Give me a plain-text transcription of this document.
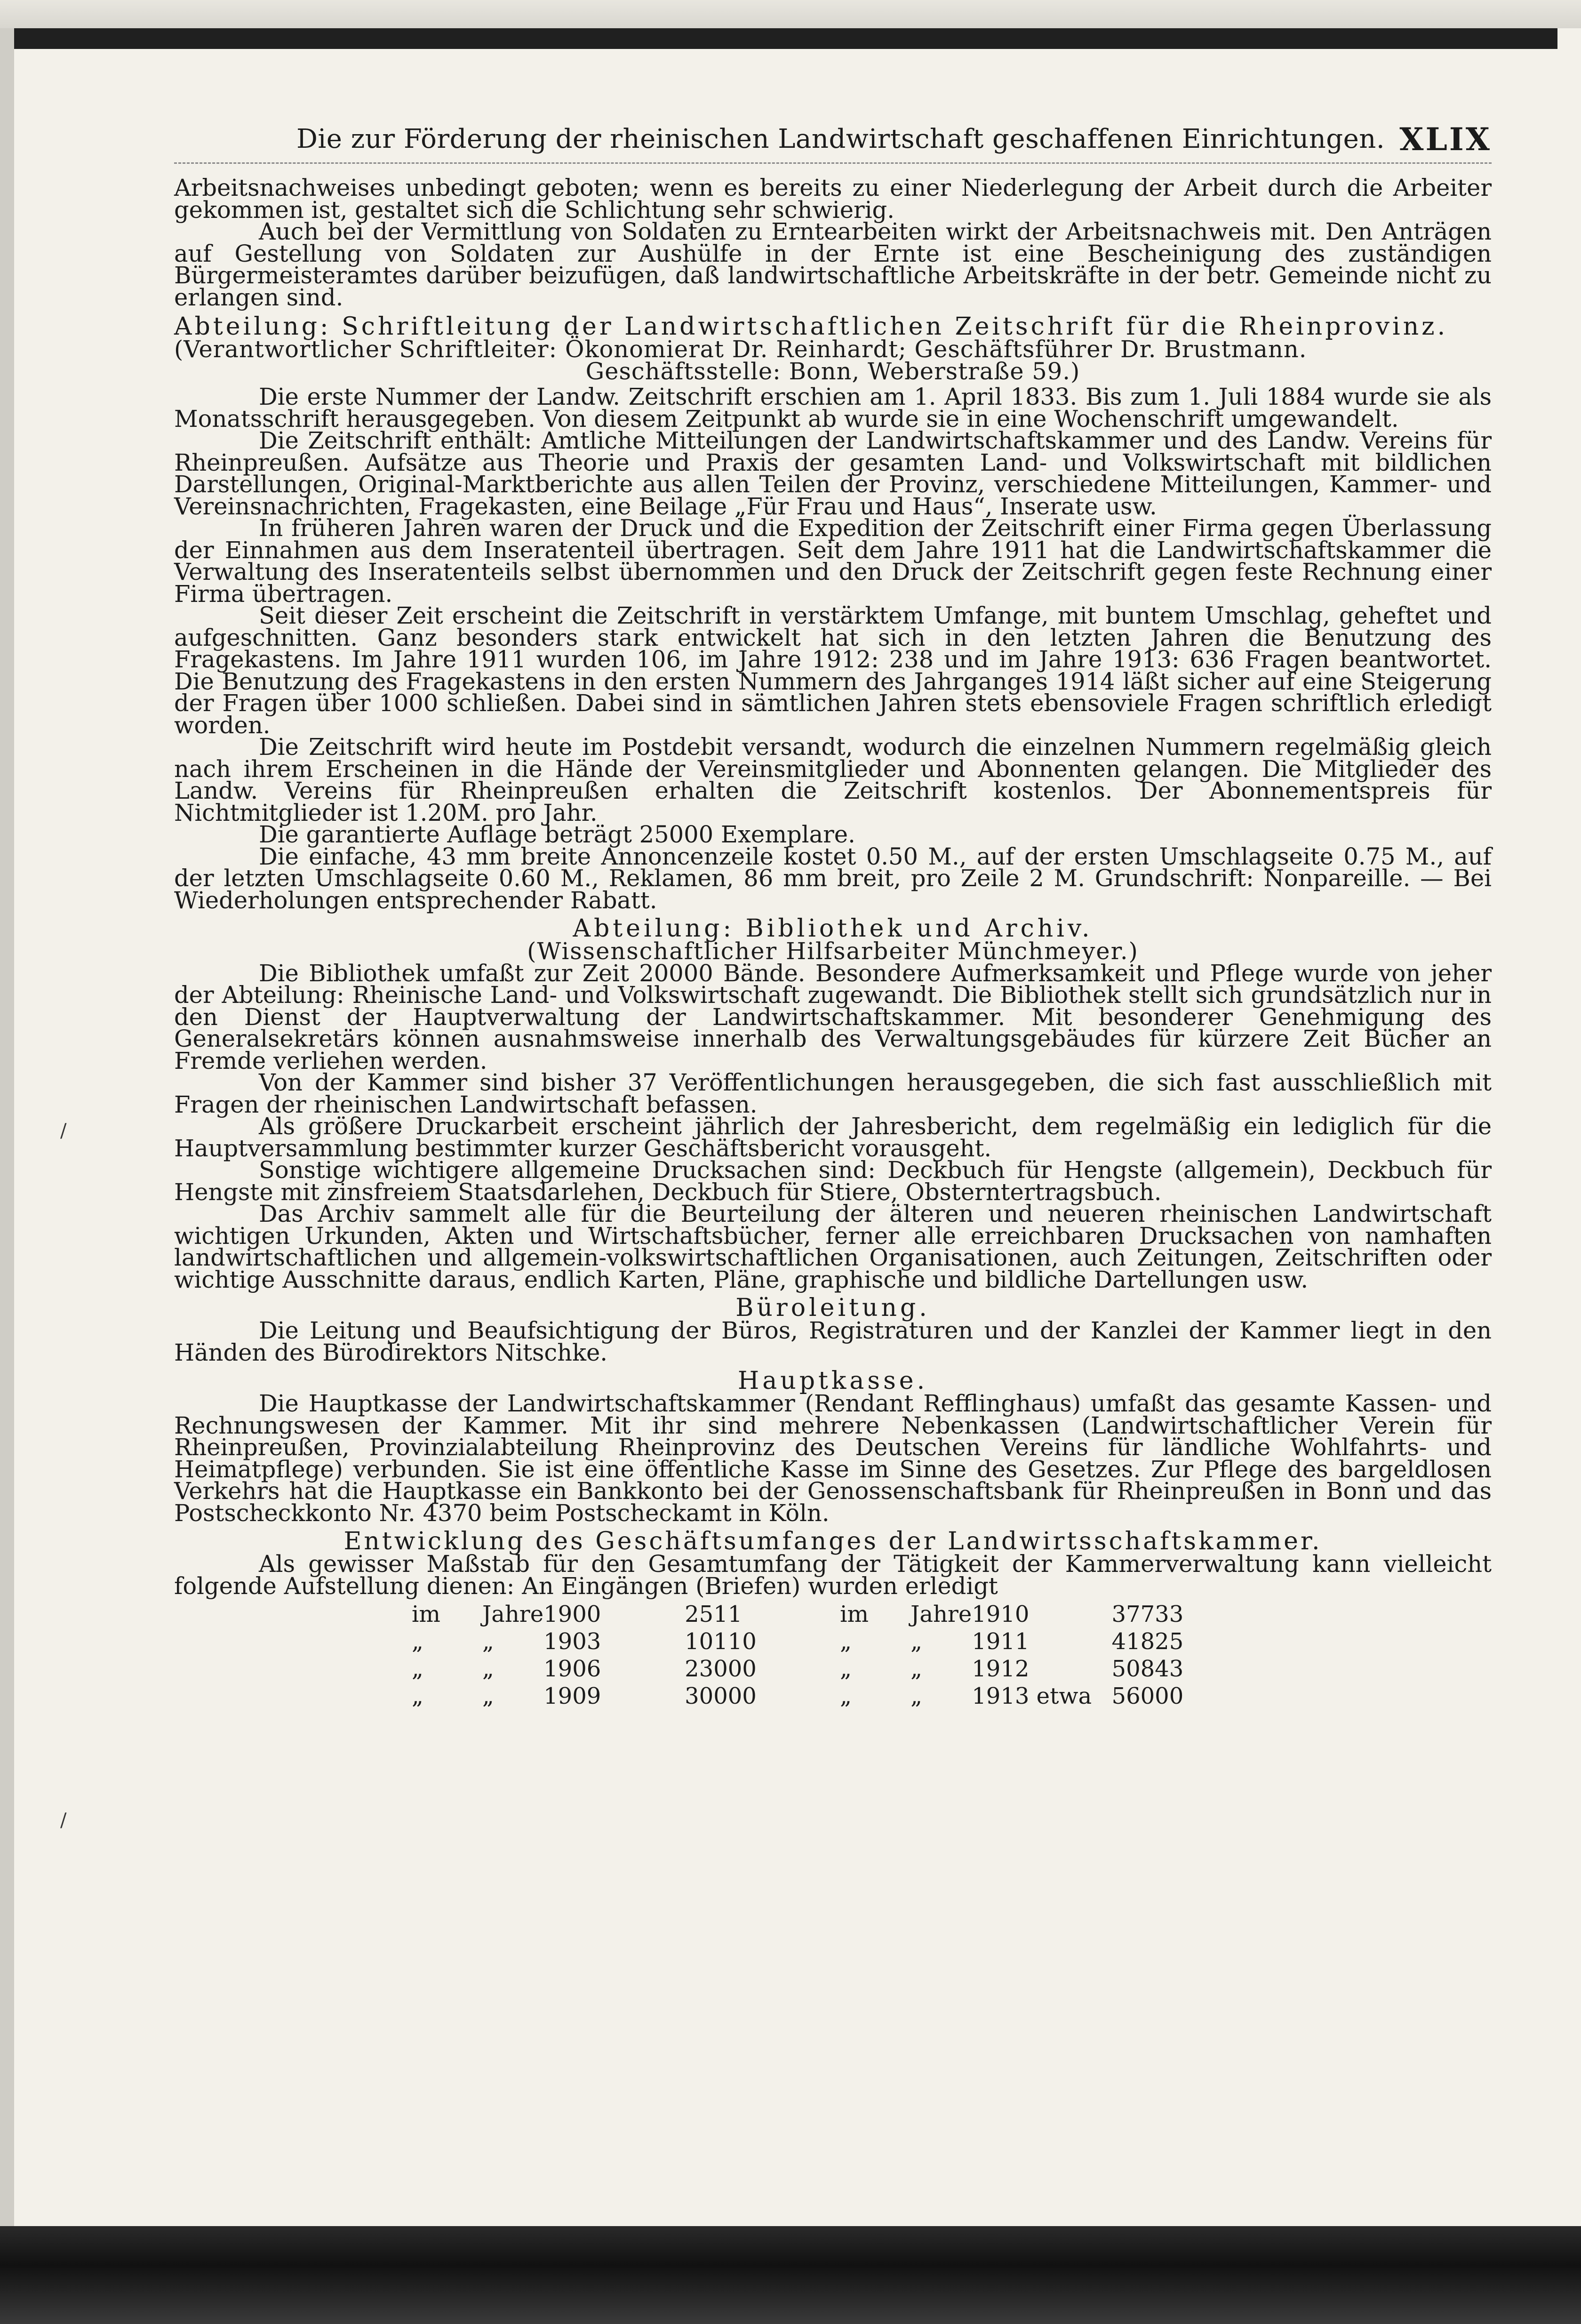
/
/
Die zur Förderung der rheinischen Landwirtschaft geschaffenen Einrichtungen. XLIX

Arbeitsnachweises unbedingt geboten; wenn es bereits zu einer Niederlegung der Arbeit durch die Arbeiter gekommen ist, gestaltet sich die Schlichtung sehr schwierig.

Auch bei der Vermittlung von Soldaten zu Erntearbeiten wirkt der Arbeitsnachweis mit. Den Anträgen auf Gestellung von Soldaten zur Aushülfe in der Ernte ist eine Bescheinigung des zuständigen Bürgermeisteramtes darüber beizufügen, daß landwirtschaftliche Arbeitskräfte in der betr. Gemeinde nicht zu erlangen sind.

Abteilung: Schriftleitung der Landwirtschaftlichen Zeitschrift für die Rheinprovinz.

(Verantwortlicher Schriftleiter: Ökonomierat Dr. Reinhardt; Geschäftsführer Dr. Brustmann.

Geschäftsstelle: Bonn, Weberstraße 59.)

Die erste Nummer der Landw. Zeitschrift erschien am 1. April 1833. Bis zum 1. Juli 1884 wurde sie als Monatsschrift herausgegeben. Von diesem Zeitpunkt ab wurde sie in eine Wochenschrift umgewandelt.

Die Zeitschrift enthält: Amtliche Mitteilungen der Landwirtschaftskammer und des Landw. Vereins für Rheinpreußen. Aufsätze aus Theorie und Praxis der gesamten Land- und Volkswirtschaft mit bildlichen Darstellungen, Original-Marktberichte aus allen Teilen der Provinz, verschiedene Mitteilungen, Kammer- und Vereinsnachrichten, Fragekasten, eine Beilage „Für Frau und Haus“, Inserate usw.

In früheren Jahren waren der Druck und die Expedition der Zeitschrift einer Firma gegen Überlassung der Einnahmen aus dem Inseratenteil übertragen. Seit dem Jahre 1911 hat die Landwirtschaftskammer die Verwaltung des Inseratenteils selbst übernommen und den Druck der Zeitschrift gegen feste Rechnung einer Firma übertragen.

Seit dieser Zeit erscheint die Zeitschrift in verstärktem Umfange, mit buntem Umschlag, geheftet und aufgeschnitten. Ganz besonders stark entwickelt hat sich in den letzten Jahren die Benutzung des Fragekastens. Im Jahre 1911 wurden 106, im Jahre 1912: 238 und im Jahre 1913: 636 Fragen beantwortet. Die Benutzung des Fragekastens in den ersten Nummern des Jahrganges 1914 läßt sicher auf eine Steigerung der Fragen über 1000 schließen. Dabei sind in sämtlichen Jahren stets ebensoviele Fragen schriftlich erledigt worden.

Die Zeitschrift wird heute im Postdebit versandt, wodurch die einzelnen Nummern regelmäßig gleich nach ihrem Erscheinen in die Hände der Vereinsmitglieder und Abonnenten gelangen. Die Mitglieder des Landw. Vereins für Rheinpreußen erhalten die Zeitschrift kostenlos. Der Abonnementspreis für Nichtmitglieder ist 1.20M. pro Jahr.

Die garantierte Auflage beträgt 25000 Exemplare.

Die einfache, 43 mm breite Annoncenzeile kostet 0.50 M., auf der ersten Umschlagseite 0.75 M., auf der letzten Umschlagseite 0.60 M., Reklamen, 86 mm breit, pro Zeile 2 M. Grundschrift: Nonpareille. — Bei Wiederholungen entsprechender Rabatt.

Abteilung: Bibliothek und Archiv.

(Wissenschaftlicher Hilfsarbeiter Münchmeyer.)

Die Bibliothek umfaßt zur Zeit 20000 Bände. Besondere Aufmerksamkeit und Pflege wurde von jeher der Abteilung: Rheinische Land- und Volkswirtschaft zugewandt. Die Bibliothek stellt sich grundsätzlich nur in den Dienst der Hauptverwaltung der Landwirtschaftskammer. Mit besonderer Genehmigung des Generalsekretärs können ausnahmsweise innerhalb des Verwaltungsgebäudes für kürzere Zeit Bücher an Fremde verliehen werden.

Von der Kammer sind bisher 37 Veröffentlichungen herausgegeben, die sich fast ausschließlich mit Fragen der rheinischen Landwirtschaft befassen.

Als größere Druckarbeit erscheint jährlich der Jahresbericht, dem regelmäßig ein lediglich für die Hauptversammlung bestimmter kurzer Geschäftsbericht vorausgeht.

Sonstige wichtigere allgemeine Drucksachen sind: Deckbuch für Hengste (allgemein), Deckbuch für Hengste mit zinsfreiem Staatsdarlehen, Deckbuch für Stiere, Obsterntertragsbuch.

Das Archiv sammelt alle für die Beurteilung der älteren und neueren rheinischen Landwirtschaft wichtigen Urkunden, Akten und Wirtschaftsbücher, ferner alle erreichbaren Drucksachen von namhaften landwirtschaftlichen und allgemein-volkswirtschaftlichen Organisationen, auch Zeitungen, Zeitschriften oder wichtige Ausschnitte daraus, endlich Karten, Pläne, graphische und bildliche Dartellungen usw.

Büroleitung.

Die Leitung und Beaufsichtigung der Büros, Registraturen und der Kanzlei der Kammer liegt in den Händen des Bürodirektors Nitschke.

Hauptkasse.

Die Hauptkasse der Landwirtschaftskammer (Rendant Refflinghaus) umfaßt das gesamte Kassen- und Rechnungswesen der Kammer. Mit ihr sind mehrere Nebenkassen (Landwirtschaftlicher Verein für Rheinpreußen, Provinzialabteilung Rheinprovinz des Deutschen Vereins für ländliche Wohlfahrts- und Heimatpflege) verbunden. Sie ist eine öffentliche Kasse im Sinne des Gesetzes. Zur Pflege des bargeldlosen Verkehrs hat die Hauptkasse ein Bankkonto bei der Genossenschaftsbank für Rheinpreußen in Bonn und das Postscheckkonto Nr. 4370 beim Postscheckamt in Köln.

Entwicklung des Geschäftsumfanges der Landwirtsschaftskammer.

Als gewisser Maßstab für den Gesamtumfang der Tätigkeit der Kammerverwaltung kann vielleicht folgende Aufstellung dienen: An Eingängen (Briefen) wurden erledigt

im	Jahre	1900	2511	im	Jahre	1910	37733
„	„	1903	10110	„	„	1911	41825
„	„	1906	23000	„	„	1912	50843
„	„	1909	30000	„	„	1913 etwa	56000
